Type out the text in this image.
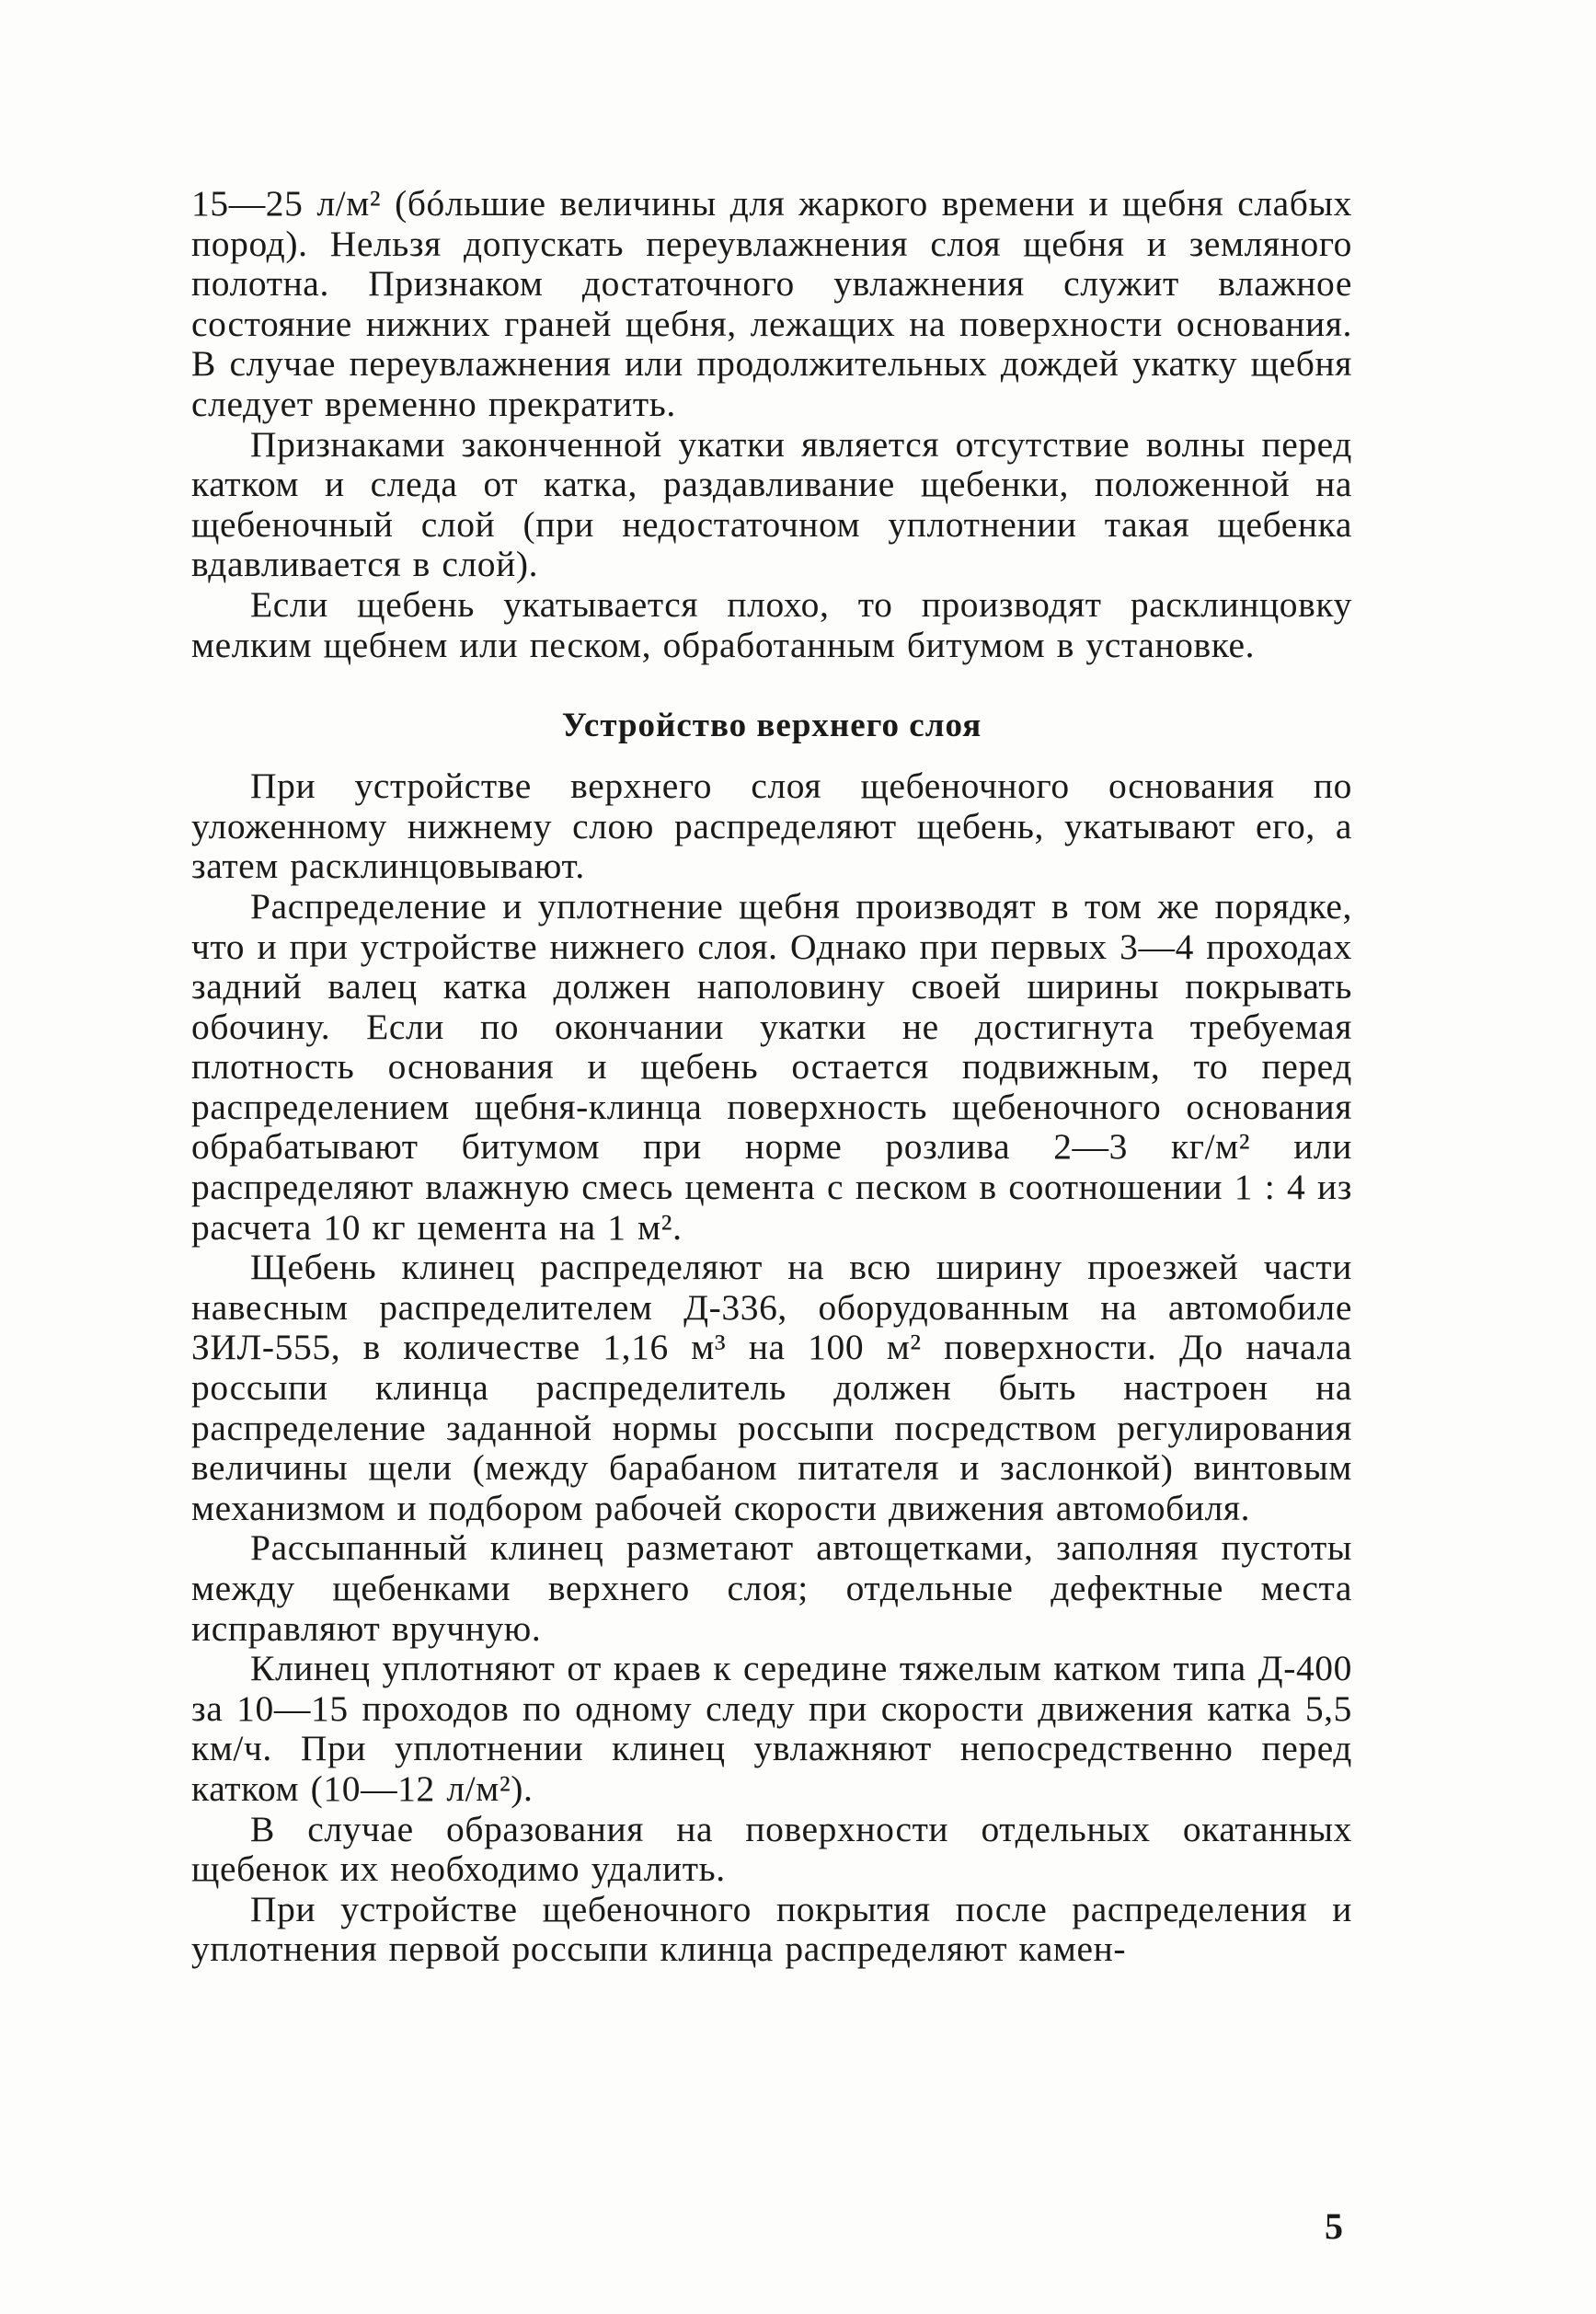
15—25 л/м² (бóльшие величины для жаркого времени и щебня слабых пород). Нельзя допускать переувлажнения слоя щебня и земляного полотна. Признаком достаточного увлажнения служит влажное состояние нижних граней щебня, лежащих на поверхности основания. В случае переувлажнения или продолжительных дождей укатку щебня следует временно прекратить.

Признаками законченной укатки является отсутствие волны перед катком и следа от катка, раздавливание щебенки, положенной на щебеночный слой (при недостаточном уплотнении такая щебенка вдавливается в слой).

Если щебень укатывается плохо, то производят расклинцовку мелким щебнем или песком, обработанным битумом в установке.

Устройство верхнего слоя

При устройстве верхнего слоя щебеночного основания по уложенному нижнему слою распределяют щебень, укатывают его, а затем расклинцовывают.

Распределение и уплотнение щебня производят в том же порядке, что и при устройстве нижнего слоя. Однако при первых 3—4 проходах задний валец катка должен наполовину своей ширины покрывать обочину. Если по окончании укатки не достигнута требуемая плотность основания и щебень остается подвижным, то перед распределением щебня-клинца поверхность щебеночного основания обрабатывают битумом при норме розлива 2—3 кг/м² или распределяют влажную смесь цемента с песком в соотношении 1 : 4 из расчета 10 кг цемента на 1 м².

Щебень клинец распределяют на всю ширину проезжей части навесным распределителем Д-336, оборудованным на автомобиле ЗИЛ-555, в количестве 1,16 м³ на 100 м² поверхности. До начала россыпи клинца распределитель должен быть настроен на распределение заданной нормы россыпи посредством регулирования величины щели (между барабаном питателя и заслонкой) винтовым механизмом и подбором рабочей скорости движения автомобиля.

Рассыпанный клинец разметают автощетками, заполняя пустоты между щебенками верхнего слоя; отдельные дефектные места исправляют вручную.

Клинец уплотняют от краев к середине тяжелым катком типа Д-400 за 10—15 проходов по одному следу при скорости движения катка 5,5 км/ч. При уплотнении клинец увлажняют непосредственно перед катком (10—12 л/м²).

В случае образования на поверхности отдельных окатанных щебенок их необходимо удалить.

При устройстве щебеночного покрытия после распределения и уплотнения первой россыпи клинца распределяют камен-

5
